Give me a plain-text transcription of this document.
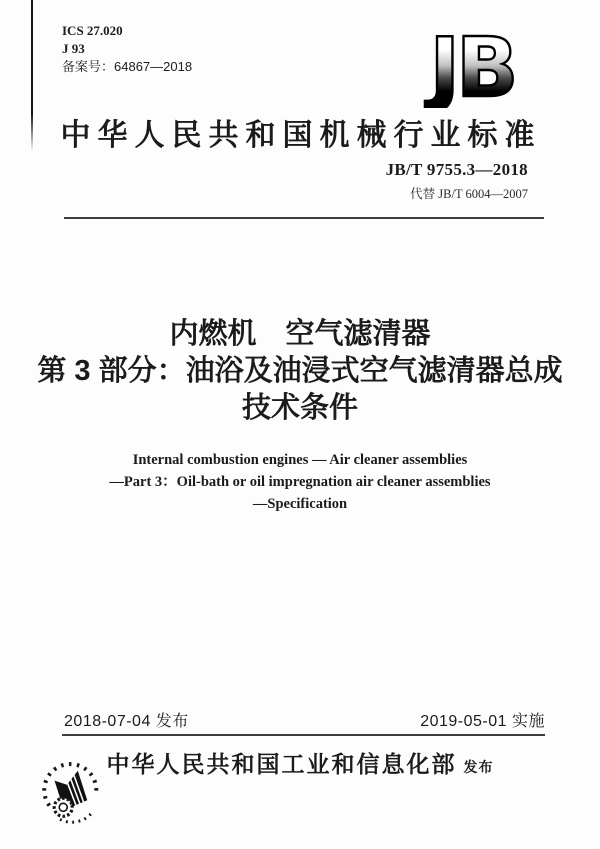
ICS 27.020
J 93
备案号：64867—2018	JB
中华人民共和国机械行业标准
JB/T 9755.3—2018
代替 JB/T 6004—2007
内燃机　空气滤清器
第 3 部分：油浴及油浸式空气滤清器总成
技术条件
Internal combustion engines — Air cleaner assemblies
—Part 3：Oil-bath or oil impregnation air cleaner assemblies
—Specification
2018-07-04 发布	2019-05-01 实施
中华人民共和国工业和信息化部 发布
